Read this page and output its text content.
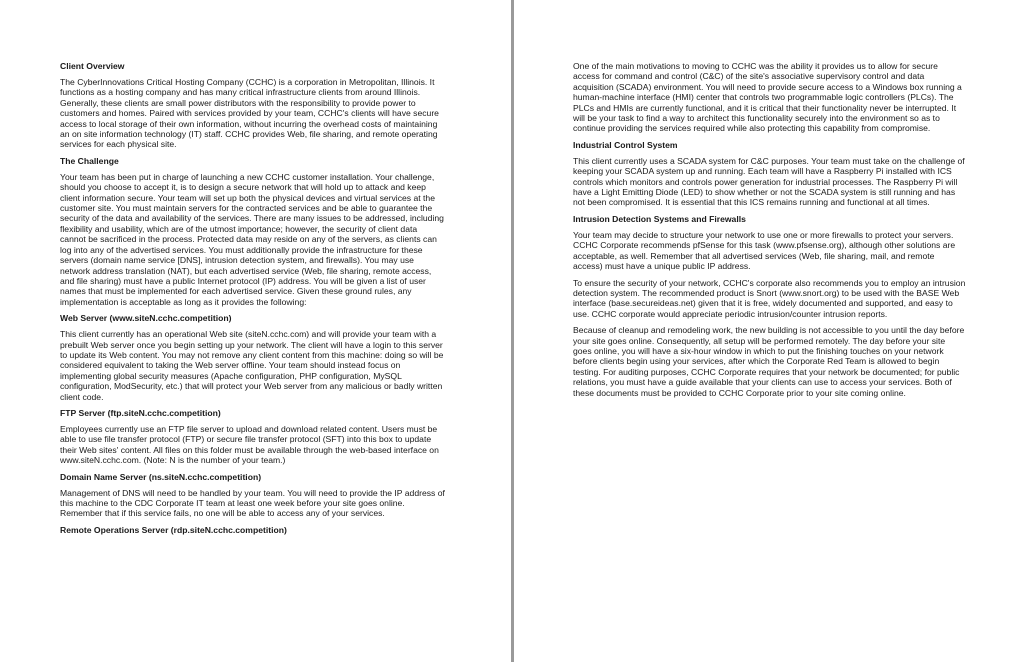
Client Overview

The CyberInnovations Critical Hosting Company (CCHC) is a corporation in Metropolitan, Illinois. It functions as a hosting company and has many critical infrastructure clients from around Illinois. Generally, these clients are small power distributors with the responsibility to provide power to customers and homes. Paired with services provided by your team, CCHC's clients will have secure access to local storage of their own information, without incurring the overhead costs of maintaining an on site information technology (IT) staff. CCHC provides Web, file sharing, and remote operating services for each physical site.

The Challenge

Your team has been put in charge of launching a new CCHC customer installation. Your challenge, should you choose to accept it, is to design a secure network that will hold up to attack and keep client information secure. Your team will set up both the physical devices and virtual services at the customer site. You must maintain servers for the contracted services and be able to guarantee the security of the data and availability of the services. There are many issues to be addressed, including flexibility and usability, which are of the utmost importance; however, the security of client data cannot be sacrificed in the process. Protected data may reside on any of the servers, as clients can log into any of the advertised services. You must additionally provide the infrastructure for these servers (domain name service [DNS], intrusion detection system, and firewalls). You may use network address translation (NAT), but each advertised service (Web, file sharing, remote access, and file sharing) must have a public Internet protocol (IP) address. You will be given a list of user names that must be implemented for each advertised service. Given these ground rules, any implementation is acceptable as long as it provides the following:

Web Server (www.siteN.cchc.competition)

This client currently has an operational Web site (siteN.cchc.com) and will provide your team with a prebuilt Web server once you begin setting up your network. The client will have a login to this server to update its Web content. You may not remove any client content from this machine: doing so will be considered equivalent to taking the Web server offline. Your team should instead focus on implementing global security measures (Apache configuration, PHP configuration, MySQL configuration, ModSecurity, etc.) that will protect your Web server from any malicious or badly written client code.

FTP Server (ftp.siteN.cchc.competition)

Employees currently use an FTP file server to upload and download related content. Users must be able to use file transfer protocol (FTP) or secure file transfer protocol (SFT) into this box to update their Web sites' content. All files on this folder must be available through the web-based interface on www.siteN.cchc.com. (Note: N is the number of your team.)

Domain Name Server (ns.siteN.cchc.competition)

Management of DNS will need to be handled by your team. You will need to provide the IP address of this machine to the CDC Corporate IT team at least one week before your site goes online. Remember that if this service fails, no one will be able to access any of your services.

Remote Operations Server (rdp.siteN.cchc.competition)

One of the main motivations to moving to CCHC was the ability it provides us to allow for secure access for command and control (C&C) of the site's associative supervisory control and data acquisition (SCADA) environment. You will need to provide secure access to a Windows box running a human-machine interface (HMI) center that controls two programmable logic controllers (PLCs). The PLCs and HMIs are currently functional, and it is critical that their functionality never be interrupted. It will be your task to find a way to architect this functionality securely into the environment so as to continue providing the services required while also protecting this capability from compromise.

Industrial Control System

This client currently uses a SCADA system for C&C purposes. Your team must take on the challenge of keeping your SCADA system up and running. Each team will have a Raspberry Pi installed with ICS controls which monitors and controls power generation for industrial processes. The Raspberry Pi will have a Light Emitting Diode (LED) to show whether or not the SCADA system is still running and has not been compromised. It is essential that this ICS remains running and functional at all times.

Intrusion Detection Systems and Firewalls

Your team may decide to structure your network to use one or more firewalls to protect your servers. CCHC Corporate recommends pfSense for this task (www.pfsense.org), although other solutions are acceptable, as well. Remember that all advertised services (Web, file sharing, mail, and remote access) must have a unique public IP address.

To ensure the security of your network, CCHC's corporate also recommends you to employ an intrusion detection system. The recommended product is Snort (www.snort.org) to be used with the BASE Web interface (base.secureideas.net) given that it is free, widely documented and supported, and easy to use. CCHC corporate would appreciate periodic intrusion/counter intrusion reports.

Because of cleanup and remodeling work, the new building is not accessible to you until the day before your site goes online. Consequently, all setup will be performed remotely. The day before your site goes online, you will have a six-hour window in which to put the finishing touches on your network before clients begin using your services, after which the Corporate Red Team is allowed to begin testing. For auditing purposes, CCHC Corporate requires that your network be documented; for public relations, you must have a guide available that your clients can use to access your services. Both of these documents must be provided to CCHC Corporate prior to your site coming online.
